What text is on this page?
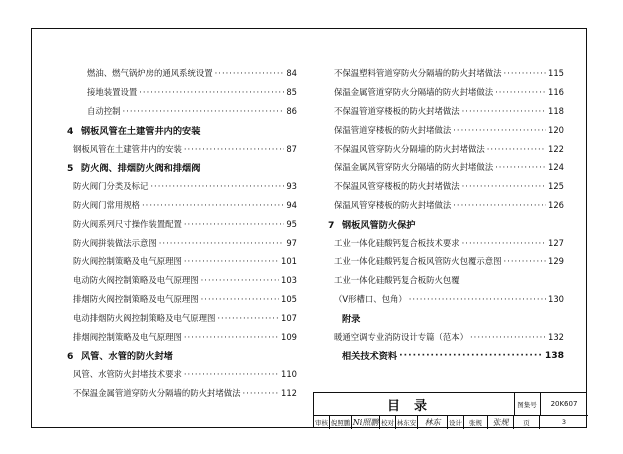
燃油、燃气锅炉房的通风系统设置 ·····	84
接地装置设置 ·····	85
自动控制 ·····	86
4 钢板风管在土建管井内的安装
钢板风管在土建管井内的安装 ·····	87
5 防火阀、排烟防火阀和排烟阀
防火阀门分类及标记 ·····	93
防火阀门常用规格 ·····	94
防火阀系列尺寸操作装置配置 ·····	95
防火阀拼装做法示意图 ·····	97
防火阀控制策略及电气原理图 ·····	101
电动防火阀控制策略及电气原理图 ·····	103
排烟防火阀控制策略及电气原理图 ·····	105
电动排烟防火阀控制策略及电气原理图 ·····	107
排烟阀控制策略及电气原理图 ·····	109
6 风管、水管的防火封堵
风管、水管防火封堵技术要求 ·····	110
不保温金属管道穿防火分隔墙的防火封堵做法 ·····	112
不保温塑料管道穿防火分隔墙的防火封堵做法 ·····	115
保温金属管道穿防火分隔墙的防火封堵做法 ·····	116
不保温管道穿楼板的防火封堵做法 ·····	118
保温管道穿楼板的防火封堵做法 ·····	120
不保温风管穿防火分隔墙的防火封堵做法 ·····	122
保温金属风管穿防火分隔墙的防火封堵做法 ·····	124
不保温风管穿楼板的防火封堵做法 ·····	125
保温风管穿楼板的防火封堵做法 ·····	126
7 钢板风管防火保护
工业一体化硅酸钙复合板技术要求 ·····	127
工业一体化硅酸钙复合板风管防火包覆示意图 ·····	129
工业一体化硅酸钙复合板防火包覆
（V形槽口、包角） ·····	130
附录
暖通空调专业消防设计专篇（范本） ·····	132
相关技术资料 ·····	138
目录	图集号	20K607
审核 倪照鹏 Ni照鹏 校对 林东安	林东	设计	张规	张规	页	3
